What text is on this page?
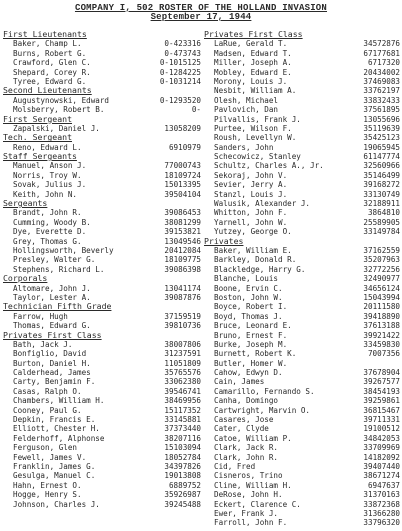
COMPANY I, 502 ROSTER OF THE HOLLAND INVASION
September 17, 1944
First Lieutenants
Baker, Champ L.	0-423316
Burns, Robert G.	0-473743
Crawford, Glen C.	0-1015125
Shepard, Corey R.	0-1284225
Tyree, Edward G.	0-1031214
Second Lieutenants
Augustynowski, Edward	0-1293520
Molsberry, Robert B.	0-
First Sergeant
Zapalski, Daniel J.	13058209
Tech. Sergeant
Reno, Edward L.	6910979
Staff Sergeants
Manuel, Anson J.	77000743
Norris, Troy W.	18109724
Sovak, Julius J.	15013395
Keith, John N.	39504104
Sergeants
Brandt, John R.	39086453
Cumming, Woody B.	38081299
Dye, Everette D.	39153821
Grey, Thomas G.	13049546
Hollingsworth, Beverly	20412084
Presley, Walter G.	18109775
Stephens, Richard L.	39086398
Corporals
Altomare, John J.	13041174
Taylor, Lester A.	39087876
Technician Fifth Grade
Farrow, Hugh	37159519
Thomas, Edward G.	39810736
Privates First Class
Bath, Jack J.	38007806
Bonfiglio, David	31237591
Burton, Daniel H.	11051809
Calderhead, James	35765576
Carty, Benjamin F.	33062380
Casas, Ralph O.	39546741
Chambers, William H.	38469956
Cooney, Paul G.	15117352
Depkin, Francis E.	33145881
Elliott, Chester H.	37373440
Felderhoff, Alphonse	38207116
Ferguson, Glen	15103094
Fewell, James V.	18052784
Franklin, James G.	34397826
Gesulga, Manuel C.	19013808
Hahn, Ernest O.	6889752
Hogge, Henry S.	35926987
Johnson, Charles J.	39245488
Privates First Class
LaRue, Gerald T.	34572876
Madsen, Edward T.	67177681
Miller, Joseph A.	6717320
Mobley, Edward E.	20434002
Morony, Louis J.	37469083
Nesbit, William A.	33762197
Olesh, Michael	33832433
Pavlovich, Dan	37561895
Pilvallis, Frank J.	13055696
Purtee, Wilson F.	35119639
Roush, Levellyn W.	35425123
Sanders, John	19065945
Schecowicz, Stanley	61147774
Schultz, Charles A., Jr.	32560966
Sekoraj, John V.	35146499
Sevier, Jerry A.	39168272
Stanzl, Louis J.	33130749
Walusik, Alexander J.	32188911
Whitton, John F.	3864810
Yarnell, John W.	25589905
Yutzey, George O.	33149784
Privates
Baker, William E.	37162559
Barkley, Donald R.	35207963
Blackledge, Harry G.	32772256
Blanche, Louis	32490977
Boone, Ervin C.	34656124
Boston, John W.	15043994
Boyce, Robert I.	20111580
Boyd, Thomas J.	39418890
Bruce, Leonard E.	37613188
Bruno, Ernest F.	39921422
Burke, Joseph M.	33459830
Burnett, Robert K.	7007356
Butler, Homer W.
Cahow, Edwyn D.	37678904
Cain, James	39267577
Camarillo, Fernando S.	38454193
Canha, Domingo	39259861
Cartwright, Marvin O.	36815467
Casares, Jose	39711331
Cater, Clyde	19100512
Catoe, William P.	34842053
Clark, Jack R.	33709969
Clark, John R.	14182092
Cid, Fred	39407440
Cisneros, Trino	38671274
Cline, William H.	6947637
DeRose, John H.	31370163
Eckert, Clarence C.	33872368
Ewer, Frank J.	31366280
Farroll, John F.	33796320
